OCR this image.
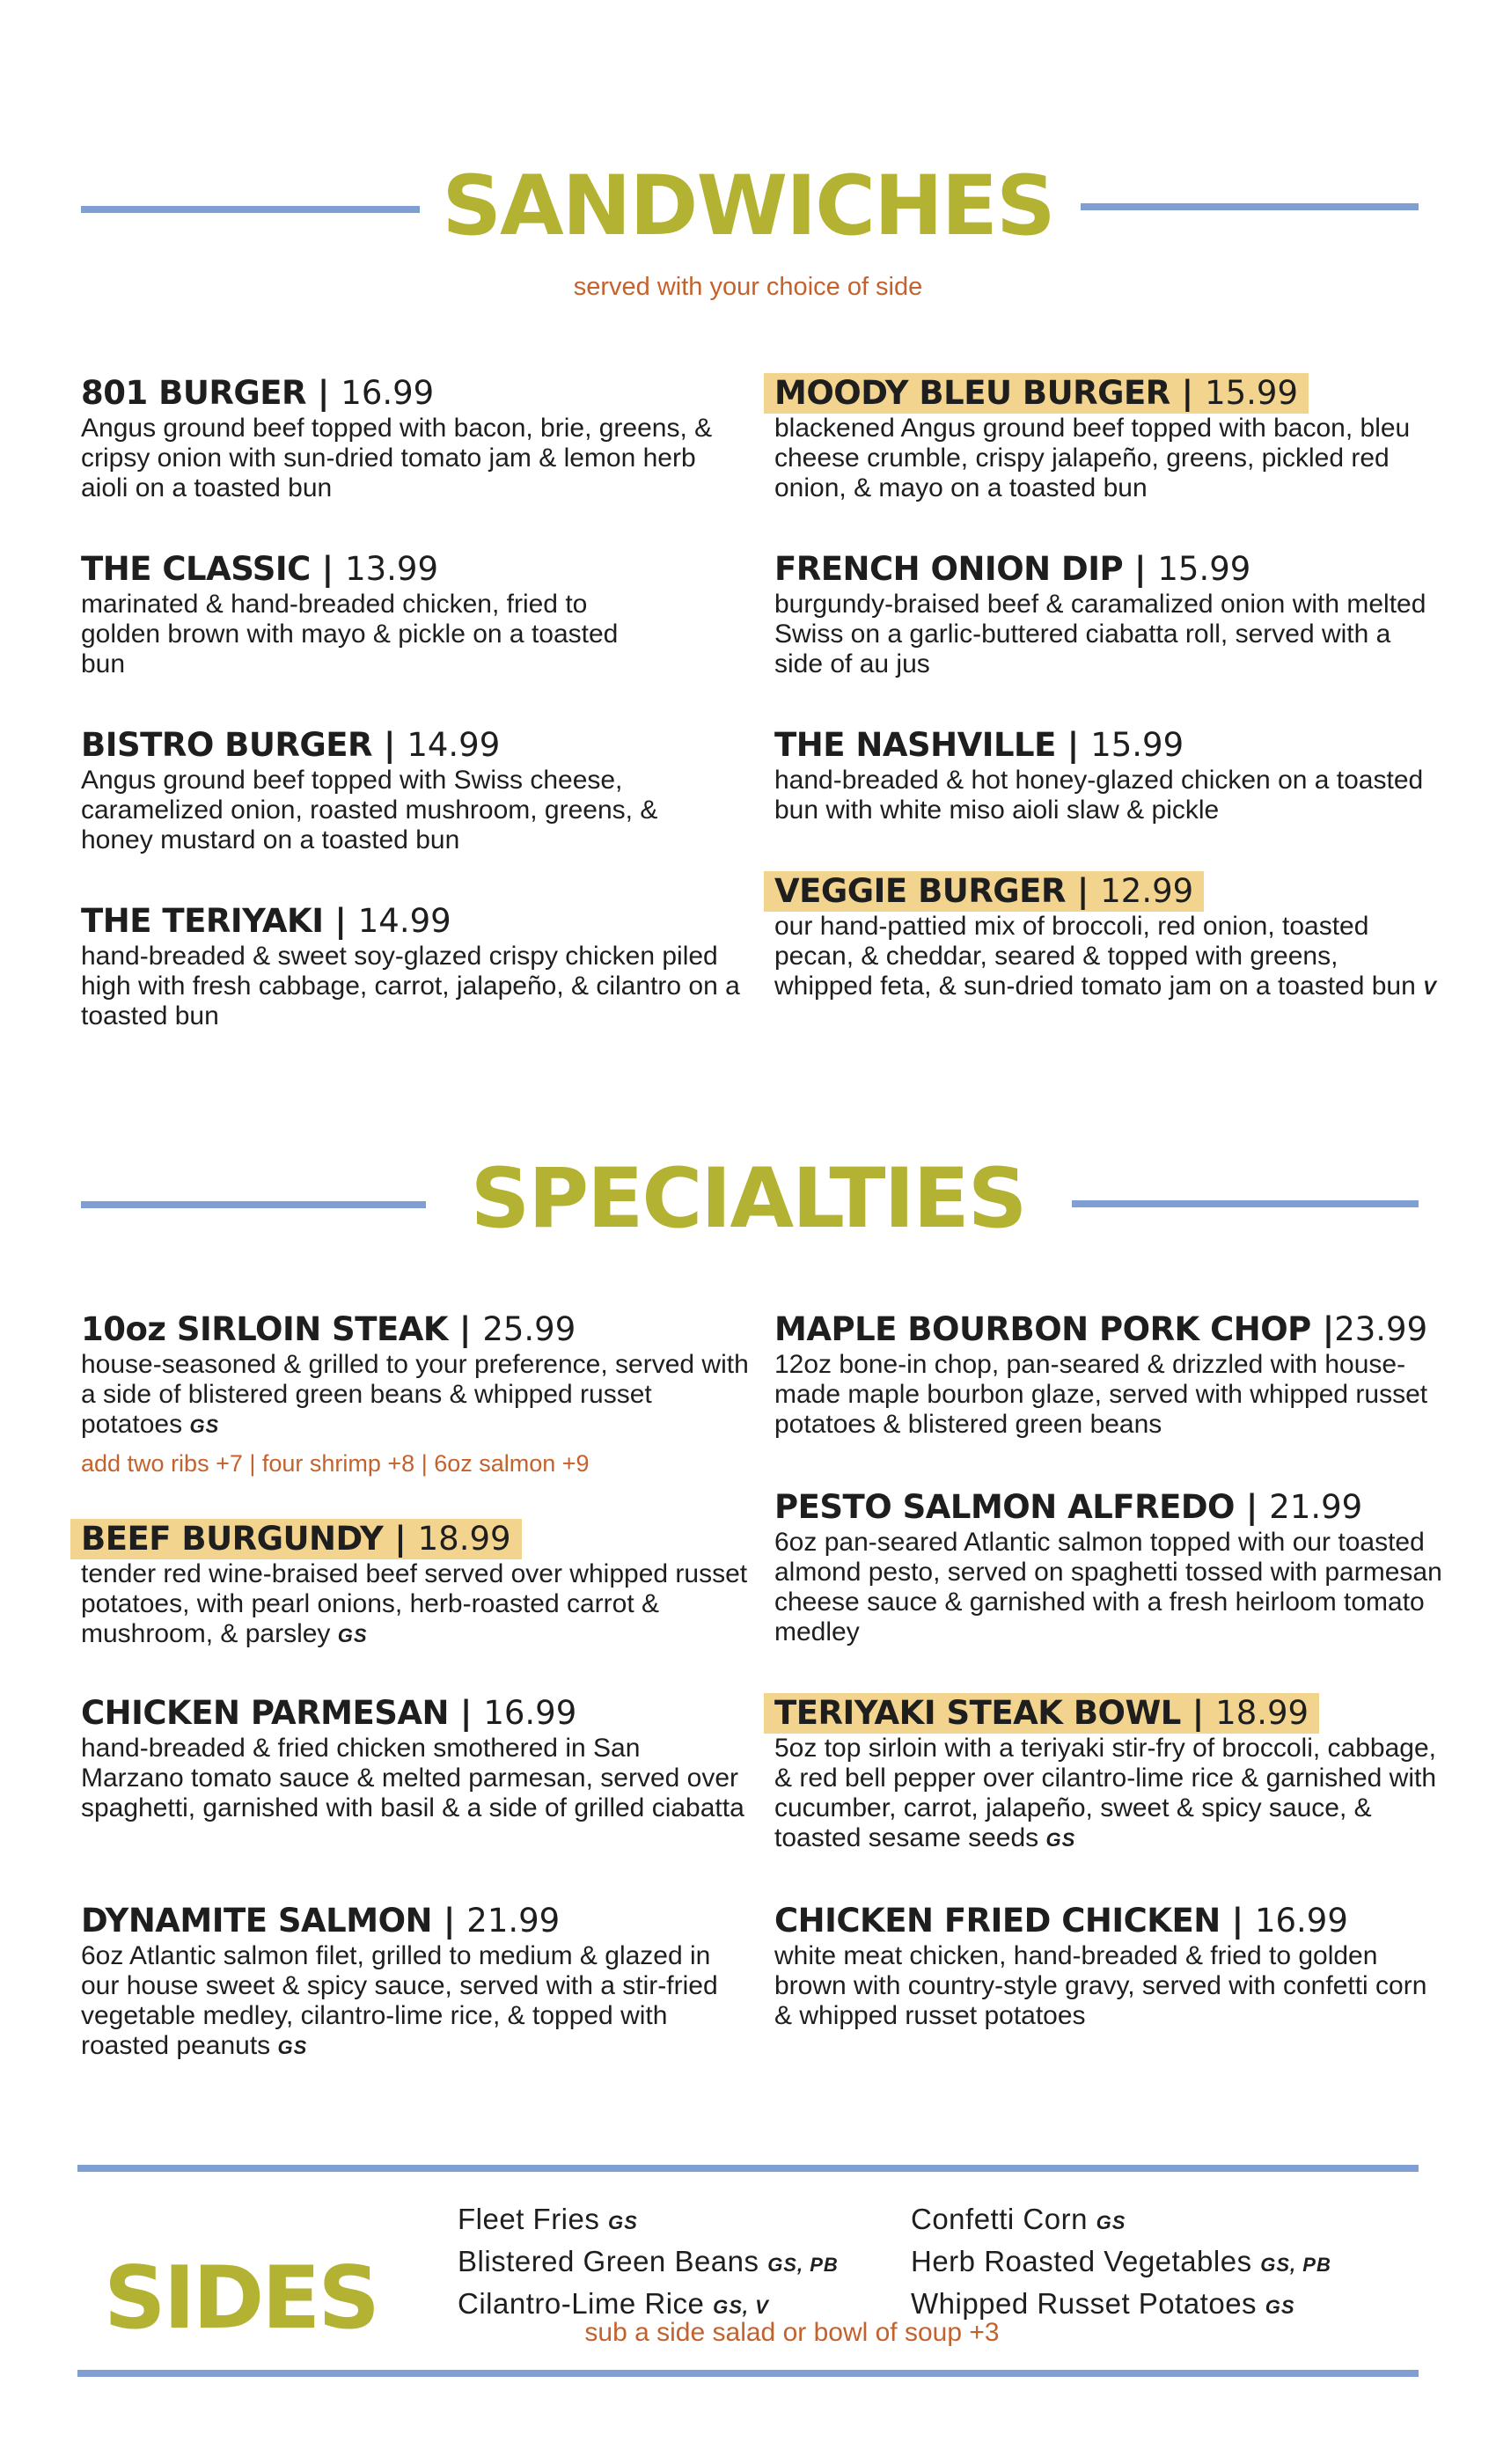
SANDWICHES
served with your choice of side
801 BURGER | 16.99
Angus ground beef topped with bacon, brie, greens, & cripsy onion with sun-dried tomato jam & lemon herb aioli on a toasted bun
THE CLASSIC | 13.99
marinated & hand-breaded chicken, fried to golden brown with mayo & pickle on a toasted bun
BISTRO BURGER | 14.99
Angus ground beef topped with Swiss cheese, caramelized onion, roasted mushroom, greens, & honey mustard on a toasted bun
THE TERIYAKI | 14.99
hand-breaded & sweet soy-glazed crispy chicken piled high with fresh cabbage, carrot, jalapeño, & cilantro on a toasted bun
MOODY BLEU BURGER | 15.99
blackened Angus ground beef topped with bacon, bleu cheese crumble, crispy jalapeño, greens, pickled red onion, & mayo on a toasted bun
FRENCH ONION DIP | 15.99
burgundy-braised beef & caramalized onion with melted Swiss on a garlic-buttered ciabatta roll, served with a side of au jus
THE NASHVILLE | 15.99
hand-breaded & hot honey-glazed chicken on a toasted bun with white miso aioli slaw & pickle
VEGGIE BURGER | 12.99
our hand-pattied mix of broccoli, red onion, toasted pecan, & cheddar, seared & topped with greens, whipped feta, & sun-dried tomato jam on a toasted bun V
SPECIALTIES
10oz SIRLOIN STEAK | 25.99
house-seasoned & grilled to your preference, served with a side of blistered green beans & whipped russet potatoes GS
add two ribs +7 | four shrimp +8 | 6oz salmon +9
BEEF BURGUNDY | 18.99
tender red wine-braised beef served over whipped russet potatoes, with pearl onions, herb-roasted carrot & mushroom, & parsley GS
CHICKEN PARMESAN | 16.99
hand-breaded & fried chicken smothered in San Marzano tomato sauce & melted parmesan, served over spaghetti, garnished with basil & a side of grilled ciabatta
DYNAMITE SALMON | 21.99
6oz Atlantic salmon filet, grilled to medium & glazed in our house sweet & spicy sauce, served with a stir-fried vegetable medley, cilantro-lime rice, & topped with roasted peanuts GS
MAPLE BOURBON PORK CHOP |23.99
12oz bone-in chop, pan-seared & drizzled with house-made maple bourbon glaze, served with whipped russet potatoes & blistered green beans
PESTO SALMON ALFREDO | 21.99
6oz pan-seared Atlantic salmon topped with our toasted almond pesto, served on spaghetti tossed with parmesan cheese sauce & garnished with a fresh heirloom tomato medley
TERIYAKI STEAK BOWL | 18.99
5oz top sirloin with a teriyaki stir-fry of broccoli, cabbage, & red bell pepper over cilantro-lime rice & garnished with cucumber, carrot, jalapeño, sweet & spicy sauce, & toasted sesame seeds GS
CHICKEN FRIED CHICKEN | 16.99
white meat chicken, hand-breaded & fried to golden brown with country-style gravy, served with confetti corn & whipped russet potatoes
SIDES
Fleet Fries GS
Blistered Green Beans GS, PB
Cilantro-Lime Rice GS, V
Confetti Corn GS
Herb Roasted Vegetables GS, PB
Whipped Russet Potatoes GS
sub a side salad or bowl of soup +3
